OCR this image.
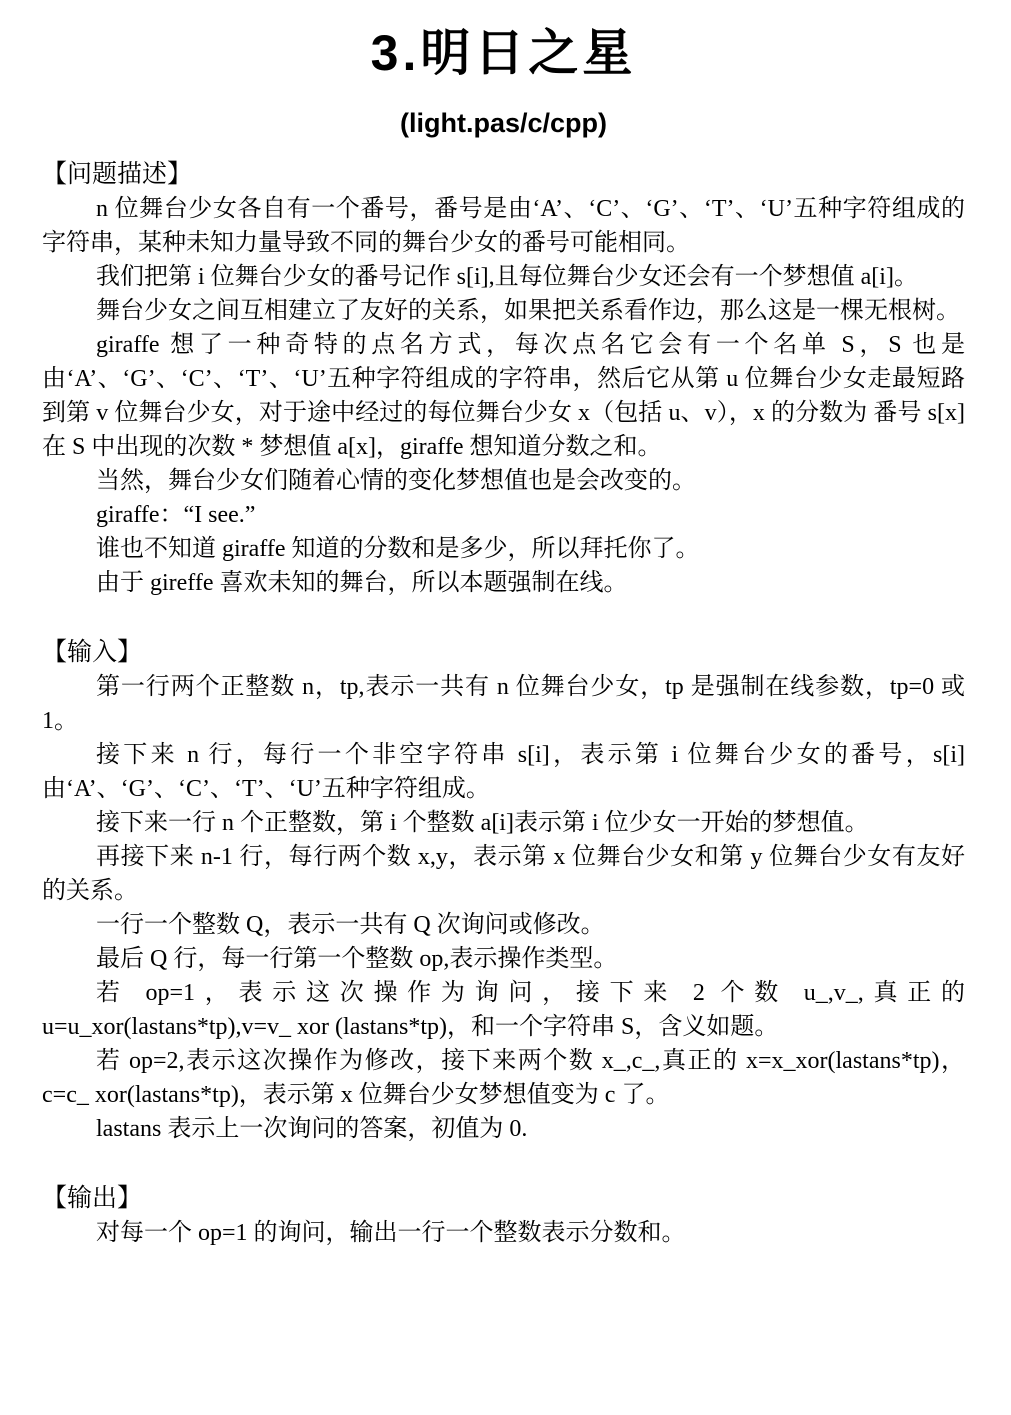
3.明日之星
(light.pas/c/cpp)
【问题描述】

n 位舞台少女各自有一个番号，番号是由‘A’、‘C’、‘G’、‘T’、‘U’五种字符组成的字符串，某种未知力量导致不同的舞台少女的番号可能相同。

我们把第 i 位舞台少女的番号记作 s[i],且每位舞台少女还会有一个梦想值 a[i]。

舞台少女之间互相建立了友好的关系，如果把关系看作边，那么这是一棵无根树。

giraffe 想了一种奇特的点名方式，每次点名它会有一个名单 S，S 也是由‘A’、‘G’、‘C’、‘T’、‘U’五种字符组成的字符串，然后它从第 u 位舞台少女走最短路到第 v 位舞台少女，对于途中经过的每位舞台少女 x（包括 u、v），x 的分数为 番号 s[x]在 S 中出现的次数 * 梦想值 a[x]，giraffe 想知道分数之和。

当然，舞台少女们随着心情的变化梦想值也是会改变的。

giraffe：“I see.”

谁也不知道 giraffe 知道的分数和是多少，所以拜托你了。

由于 gireffe 喜欢未知的舞台，所以本题强制在线。

【输入】

第一行两个正整数 n，tp,表示一共有 n 位舞台少女，tp 是强制在线参数，tp=0 或 1。

接下来 n 行，每行一个非空字符串 s[i]，表示第 i 位舞台少女的番号，s[i]由‘A’、‘G’、‘C’、‘T’、‘U’五种字符组成。

接下来一行 n 个正整数，第 i 个整数 a[i]表示第 i 位少女一开始的梦想值。

再接下来 n-1 行，每行两个数 x,y，表示第 x 位舞台少女和第 y 位舞台少女有友好的关系。

一行一个整数 Q，表示一共有 Q 次询问或修改。

最后 Q 行，每一行第一个整数 op,表示操作类型。

若 op=1，表示这次操作为询问，接下来 2 个数 u_,v_,真正的 u=u_xor(lastans*tp),v=v_ xor (lastans*tp)，和一个字符串 S，含义如题。

若 op=2,表示这次操作为修改，接下来两个数 x_,c_,真正的 x=x_xor(lastans*tp)，c=c_ xor(lastans*tp)，表示第 x 位舞台少女梦想值变为 c 了。

lastans 表示上一次询问的答案，初值为 0.

【输出】

对每一个 op=1 的询问，输出一行一个整数表示分数和。
